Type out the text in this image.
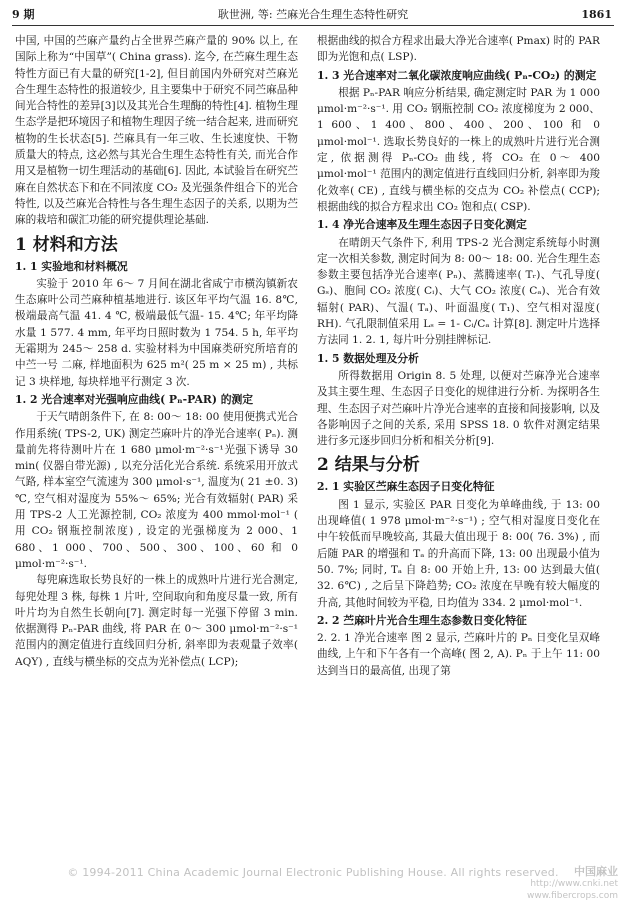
9 期	耿世洲, 等: 苎麻光合生理生态特性研究	1861

中国, 中国的苎麻产量约占全世界苎麻产量的 90% 以上, 在国际上称为“中国草”( China grass). 迄今, 在苎麻生理生态特性方面已有大量的研究[1-2], 但目前国内外研究对苎麻光合生理生态特性的报道较少, 且主要集中于研究不同苎麻品种间光合特性的差异[3]以及其光合生理酶的特性[4]. 植物生理生态学是把环境因子和植物生理因子统一结合起来, 进而研究植物的生长状态[5]. 苎麻具有一年三收、生长速度快、干物质量大的特点, 这必然与其光合生理生态特性有关, 而光合作用又是植物一切生理活动的基础[6]. 因此, 本试验旨在研究苎麻在自然状态下和在不同浓度 CO₂ 及光强条件组合下的光合特性, 以及苎麻光合特性与各生理生态因子的关系, 以期为苎麻的栽培和碳汇功能的研究提供理论基础.

1 材料和方法
1. 1 实验地和材料概况

实验于 2010 年 6～ 7 月间在湖北省咸宁市横沟镇新农生态麻叶公司苎麻种植基地进行. 该区年平均气温 16. 8℃, 极端最高气温 41. 4 ℃, 极端最低气温- 15. 4℃; 年平均降水量 1 577. 4 mm, 年平均日照时数为 1 754. 5 h, 年平均无霜期为 245～ 258 d. 实验材料为中国麻类研究所培育的 中苎一号 二麻, 样地面积为 625 m²( 25 m × 25 m) , 共标记 3 块样地, 每块样地平行测定 3 次.

1. 2 光合速率对光强响应曲线( Pₙ-PAR) 的测定

于天气晴朗条件下, 在 8: 00～ 18: 00 使用便携式光合作用系统( TPS-2, UK) 测定苎麻叶片的净光合速率( Pₙ). 测量前先将待测叶片在 1 680 μmol·m⁻²·s⁻¹光强下诱导 30 min( 仪器自带光源) , 以充分活化光合系统. 系统采用开放式气路, 样本室空气流速为 300 μmol·s⁻¹, 温度为( 21 ±0. 3) ℃, 空气相对湿度为 55%～ 65%; 光合有效辐射( PAR) 采用 TPS-2 人工光源控制, CO₂ 浓度为 400 mmol·mol⁻¹ ( 用 CO₂ 钢瓶控制浓度) , 设定的光强梯度为 2 000、1 680、1 000、700、500、300、100、60 和 0 μmol·m⁻²·s⁻¹.

每兜麻选取长势良好的一株上的成熟叶片进行光合测定, 每兜处理 3 株, 每株 1 片叶, 空间取向和角度尽量一致, 所有叶片均为自然生长朝向[7]. 测定时每一光强下停留 3 min. 依据测得 Pₙ-PAR 曲线, 将 PAR 在 0～ 300 μmol·m⁻²·s⁻¹范围内的测定值进行直线回归分析, 斜率即为表观量子效率( AQY) , 直线与横坐标的交点为光补偿点( LCP);

根据曲线的拟合方程求出最大净光合速率( Pmax) 时的 PAR 即为光饱和点( LSP).

1. 3 光合速率对二氧化碳浓度响应曲线( Pₙ-CO₂) 的测定

根据 Pₙ-PAR 响应分析结果, 确定测定时 PAR 为 1 000 μmol·m⁻²·s⁻¹. 用 CO₂ 钢瓶控制 CO₂ 浓度梯度为 2 000、1 600、1 400、800、400、200、100 和 0 μmol·mol⁻¹. 选取长势良好的一株上的成熟叶片进行光合测定, 依据测得 Pₙ-CO₂ 曲线, 将 CO₂ 在 0～ 400 μmol·mol⁻¹ 范围内的测定值进行直线回归分析, 斜率即为羧化效率( CE) , 直线与横坐标的交点为 CO₂ 补偿点( CCP); 根据曲线的拟合方程求出 CO₂ 饱和点( CSP).

1. 4 净光合速率及生理生态因子日变化测定

在晴朗天气条件下, 利用 TPS-2 光合测定系统每小时测定一次相关参数, 测定时间为 8: 00～ 18: 00. 光合生理生态参数主要包括净光合速率( Pₙ)、蒸腾速率( Tᵣ)、气孔导度( Gₛ)、胞间 CO₂ 浓度( Cᵢ)、大气 CO₂ 浓度( Cₐ)、光合有效辐射( PAR)、气温( Tₐ)、叶面温度( T₁)、空气相对湿度( RH). 气孔限制值采用 Lₛ = 1- Cᵢ/Cₐ 计算[8]. 测定叶片选择方法同 1. 2. 1, 每片叶分别挂牌标记.

1. 5 数据处理及分析

所得数据用 Origin 8. 5 处理, 以便对苎麻净光合速率及其主要生理、生态因子日变化的规律进行分析. 为探明各生理、生态因子对苎麻叶片净光合速率的直接和间接影响, 以及各影响因子之间的关系, 采用 SPSS 18. 0 软件对测定结果进行多元逐步回归分析和相关分析[9].

2 结果与分析
2. 1 实验区苎麻生态因子日变化特征

图 1 显示, 实验区 PAR 日变化为单峰曲线, 于 13: 00 出现峰值( 1 978 μmol·m⁻²·s⁻¹) ; 空气相对湿度日变化在中午较低而早晚较高, 其最大值出现于 8: 00( 76. 3%) , 而后随 PAR 的增强和 Tₐ 的升高而下降, 13: 00 出现最小值为 50. 7%; 同时, Tₐ 自 8: 00 开始上升, 13: 00 达到最大值( 32. 6℃) , 之后呈下降趋势; CO₂ 浓度在早晚有较大幅度的升高, 其他时间较为平稳, 日均值为 334. 2 μmol·mol⁻¹.

2. 2 苎麻叶片光合生理生态参数日变化特征

2. 2. 1 净光合速率 图 2 显示, 苎麻叶片的 Pₙ 日变化呈双峰曲线, 上午和下午各有一个高峰( 图 2, A). Pₙ 于上午 11: 00 达到当日的最高值, 出现了第

© 1994-2011 China Academic Journal Electronic Publishing House. All rights reserved.	中国麻业
http://www.cnki.net
www.fibercrops.com
